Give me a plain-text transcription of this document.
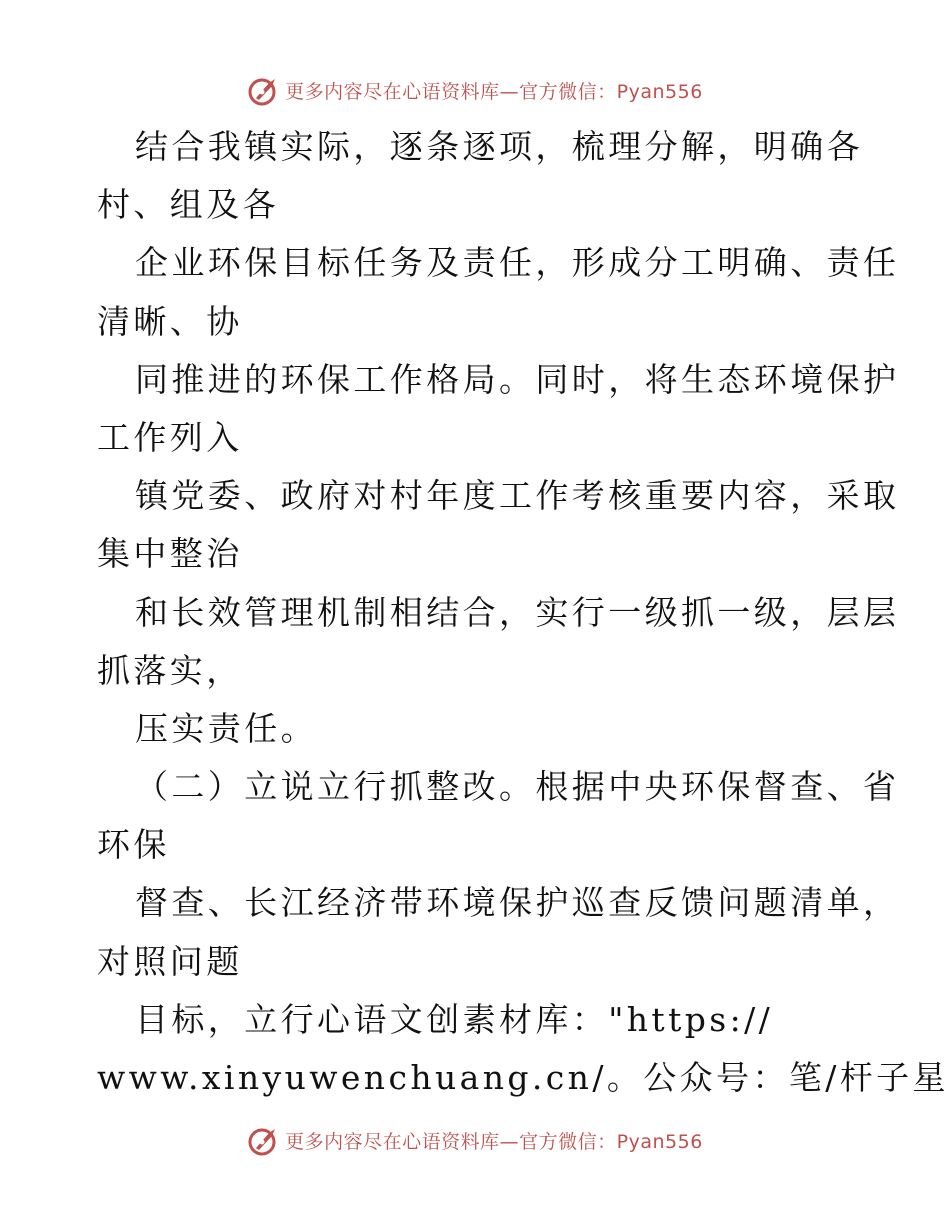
更多内容尽在心语资料库—官方微信：Pyan556
结合我镇实际，逐条逐项，梳理分解，明确各
村、组及各
企业环保目标任务及责任，形成分工明确、责任
清晰、协
同推进的环保工作格局。同时，将生态环境保护
工作列入
镇党委、政府对村年度工作考核重要内容，采取
集中整治
和长效管理机制相结合，实行一级抓一级，层层
抓落实，
压实责任。
（二）立说立行抓整改。根据中央环保督查、省
环保
督查、长江经济带环境保护巡查反馈问题清单，
对照问题
目标，立行心语文创素材库："https://
www.xinyuwenchuang.cn/。公众号：笔/杆子星
更多内容尽在心语资料库—官方微信：Pyan556
